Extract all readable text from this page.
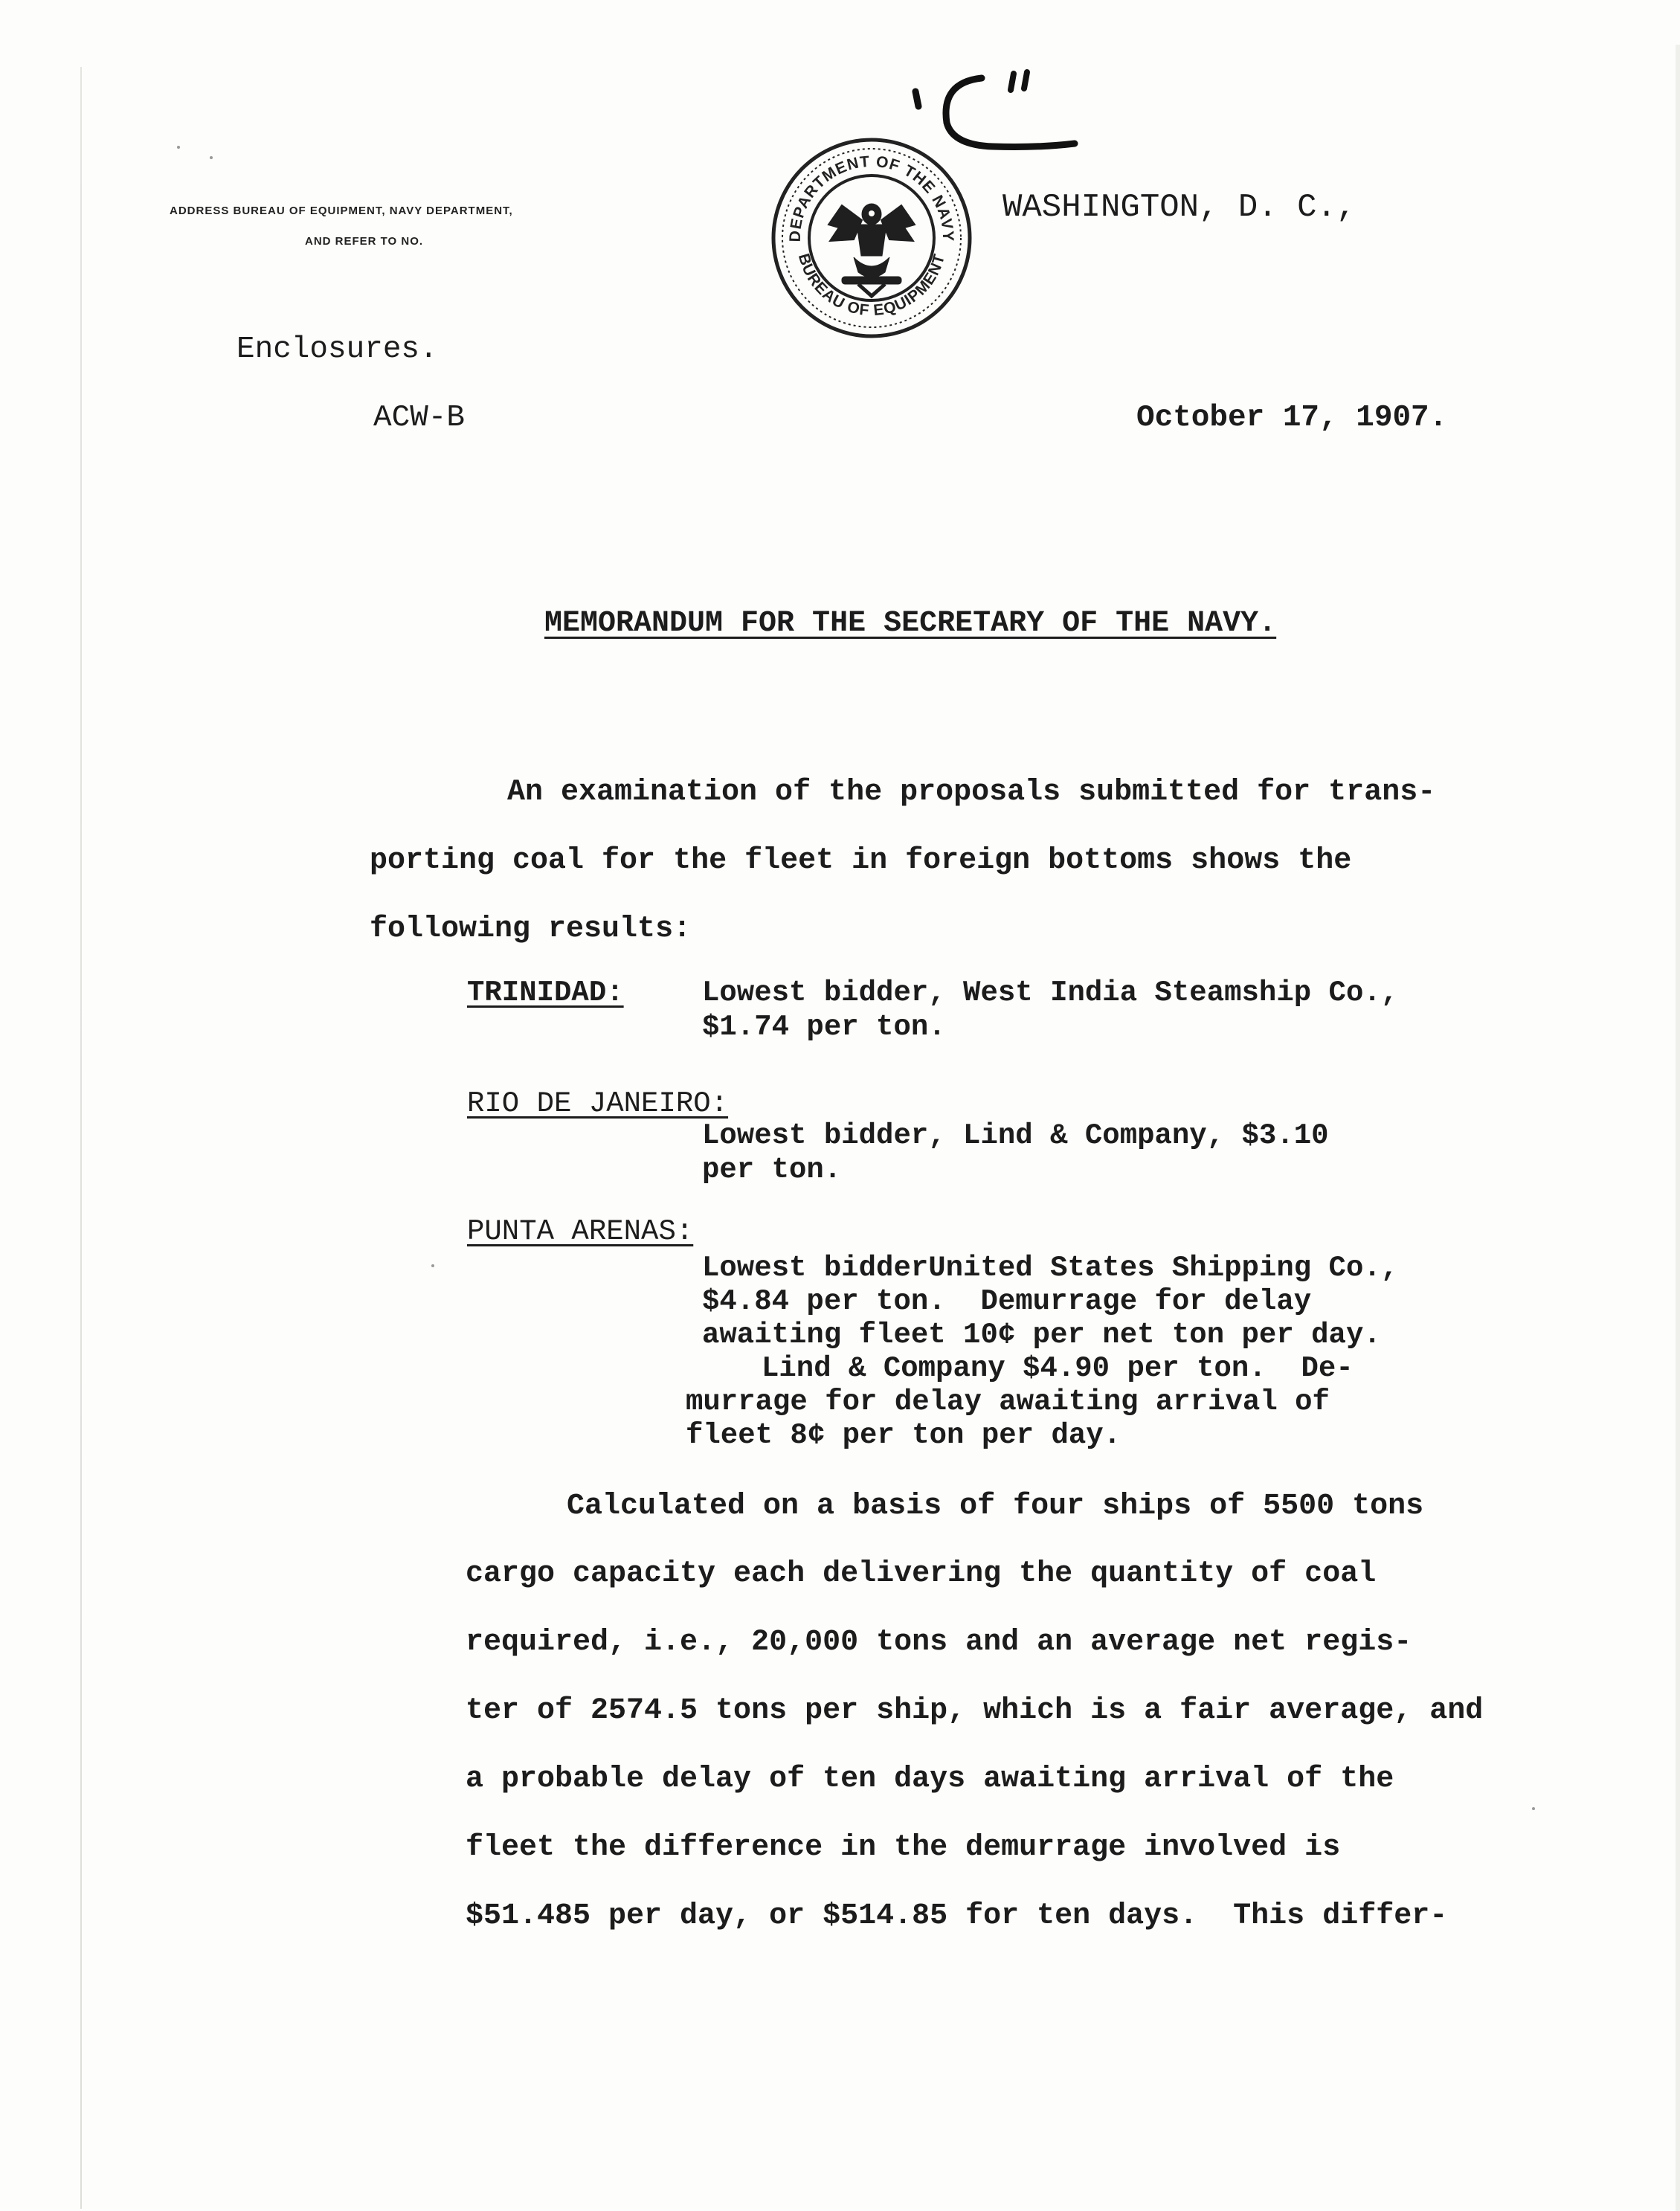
ADDRESS BUREAU OF EQUIPMENT, NAVY DEPARTMENT,
AND REFER TO NO.	DEPARTMENT OF THE NAVY
BUREAU OF EQUIPMENT
WASHINGTON, D. C.,
Enclosures.
ACW-B	October 17, 1907.
MEMORANDUM FOR THE SECRETARY OF THE NAVY.
An examination of the proposals submitted for trans-
porting coal for the fleet in foreign bottoms shows the
following results:
TRINIDAD:	Lowest bidder, West India Steamship Co.,
$1.74 per ton.
RIO DE JANEIRO:
Lowest bidder, Lind & Company, $3.10
per ton.
PUNTA ARENAS:
Lowest bidderUnited States Shipping Co.,
$4.84 per ton.  Demurrage for delay
awaiting fleet 10¢ per net ton per day.
Lind & Company $4.90 per ton.  De-
murrage for delay awaiting arrival of
fleet 8¢ per ton per day.
Calculated on a basis of four ships of 5500 tons
cargo capacity each delivering the quantity of coal
required, i.e., 20,000 tons and an average net regis-
ter of 2574.5 tons per ship, which is a fair average, and
a probable delay of ten days awaiting arrival of the
fleet the difference in the demurrage involved is
$51.485 per day, or $514.85 for ten days.  This differ-
